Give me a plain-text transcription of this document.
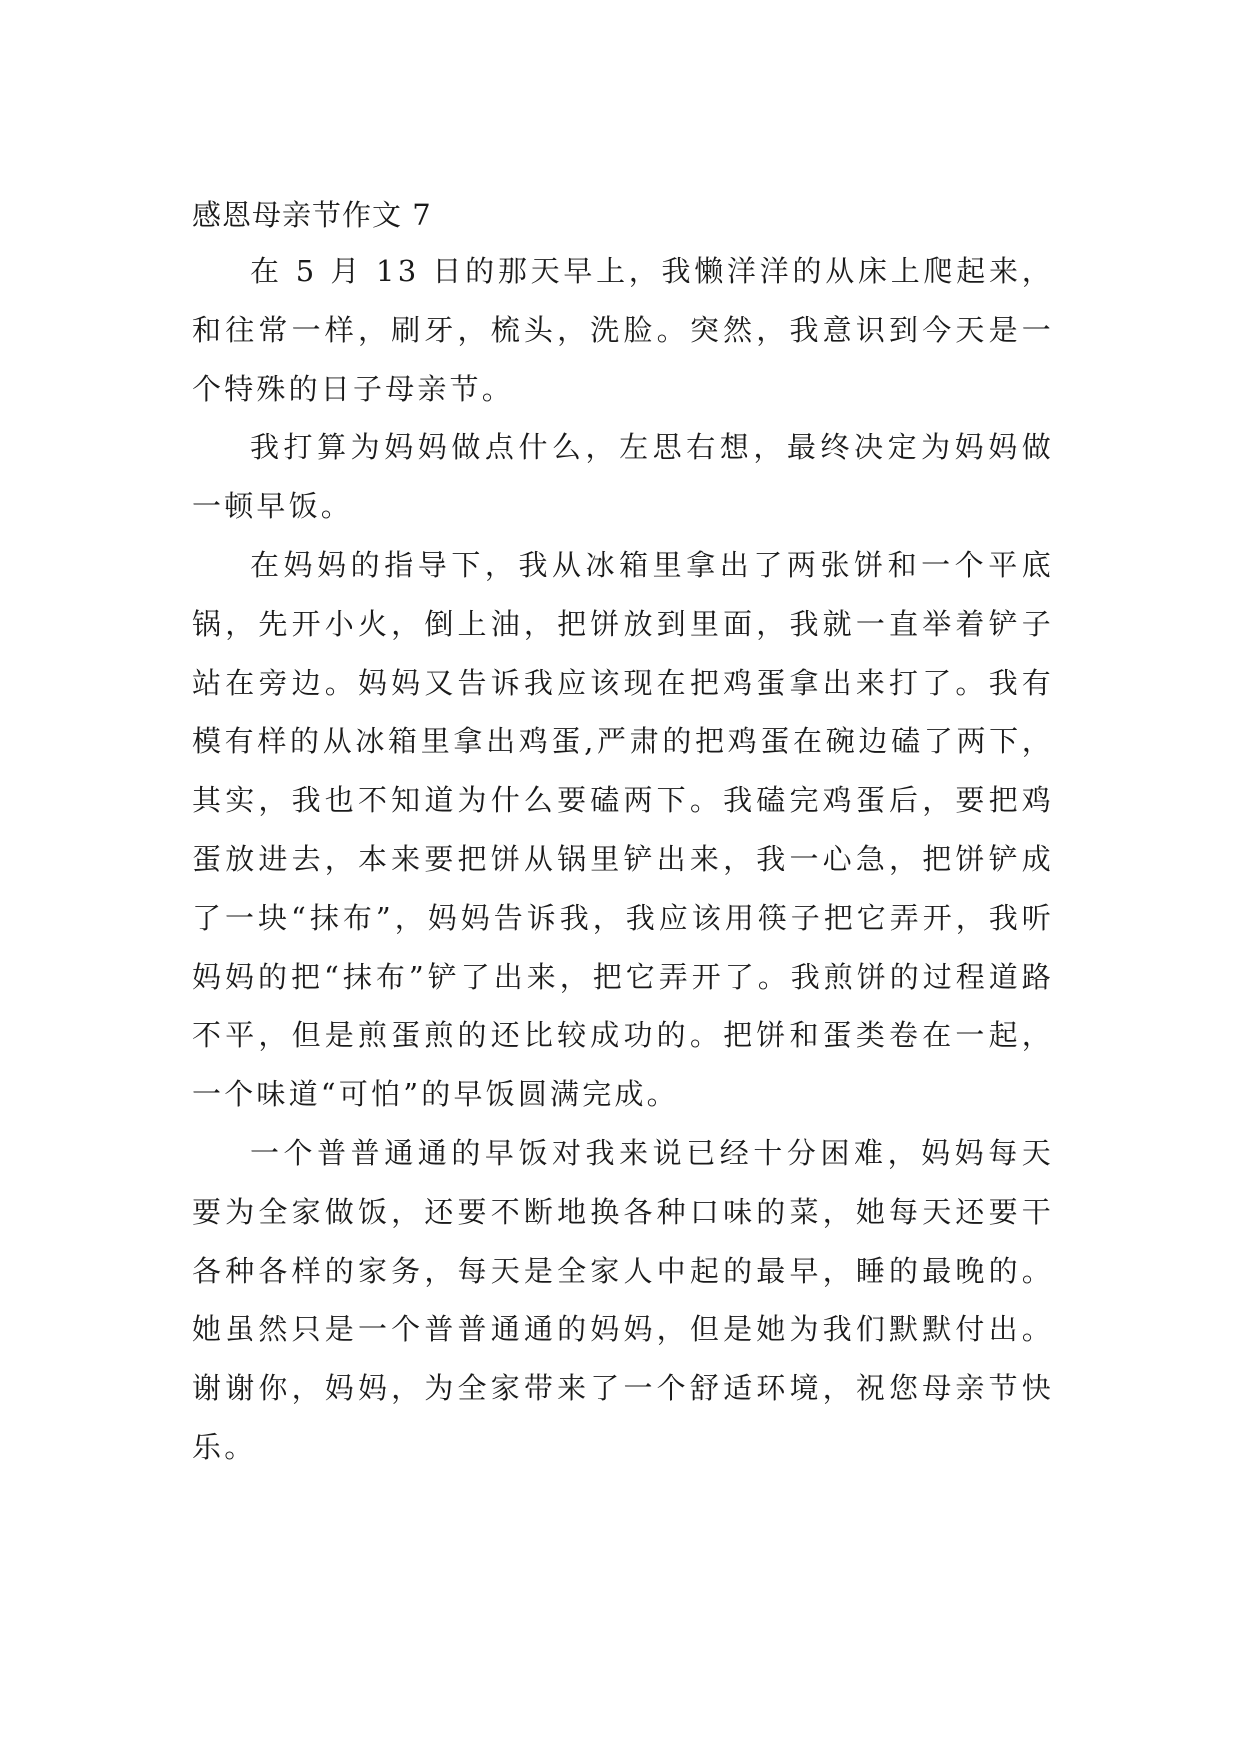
感恩母亲节作文 7

在 5 月 13 日的那天早上，我懒洋洋的从床上爬起来，和往常一样，刷牙，梳头，洗脸。突然，我意识到今天是一个特殊的日子母亲节。

我打算为妈妈做点什么，左思右想，最终决定为妈妈做一顿早饭。

在妈妈的指导下，我从冰箱里拿出了两张饼和一个平底锅，先开小火，倒上油，把饼放到里面，我就一直举着铲子站在旁边。妈妈又告诉我应该现在把鸡蛋拿出来打了。我有模有样的从冰箱里拿出鸡蛋,严肃的把鸡蛋在碗边磕了两下，其实，我也不知道为什么要磕两下。我磕完鸡蛋后，要把鸡蛋放进去，本来要把饼从锅里铲出来，我一心急，把饼铲成了一块“抹布”，妈妈告诉我，我应该用筷子把它弄开，我听妈妈的把“抹布”铲了出来，把它弄开了。我煎饼的过程道路不平，但是煎蛋煎的还比较成功的。把饼和蛋类卷在一起，一个味道“可怕”的早饭圆满完成。

一个普普通通的早饭对我来说已经十分困难，妈妈每天要为全家做饭，还要不断地换各种口味的菜，她每天还要干各种各样的家务，每天是全家人中起的最早，睡的最晚的。她虽然只是一个普普通通的妈妈，但是她为我们默默付出。谢谢你，妈妈，为全家带来了一个舒适环境，祝您母亲节快乐。
